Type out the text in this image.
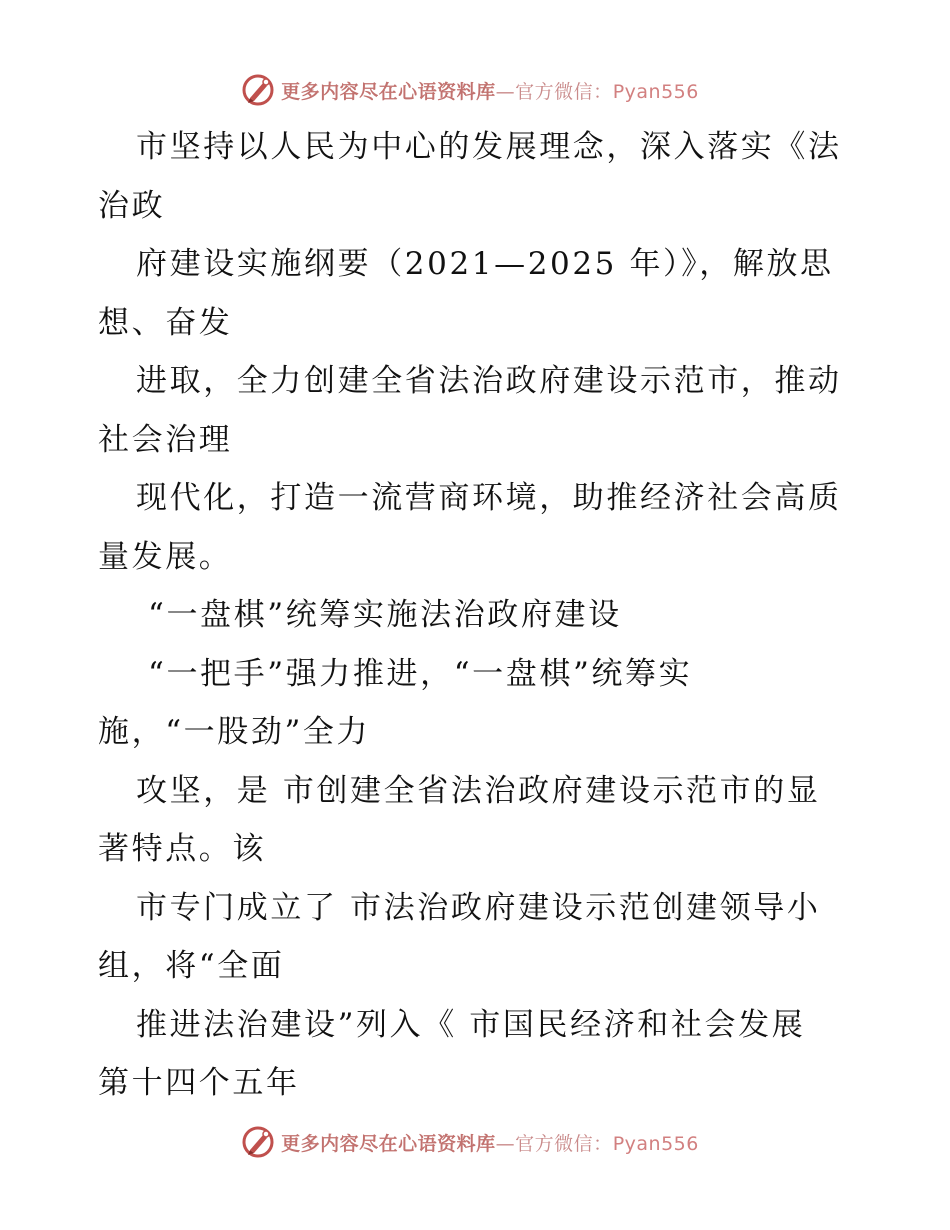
更多内容尽在心语资料库—官方微信：Pyan556
市坚持以人民为中心的发展理念，深入落实《法
治政
府建设实施纲要（2021—2025 年）》，解放思
想、奋发
进取，全力创建全省法治政府建设示范市，推动
社会治理
现代化，打造一流营商环境，助推经济社会高质
量发展。
“一盘棋”统筹实施法治政府建设
“一把手”强力推进，“一盘棋”统筹实
施，“一股劲”全力
攻坚，是 市创建全省法治政府建设示范市的显
著特点。该
市专门成立了 市法治政府建设示范创建领导小
组，将“全面
推进法治建设”列入《 市国民经济和社会发展
第十四个五年
更多内容尽在心语资料库—官方微信：Pyan556
